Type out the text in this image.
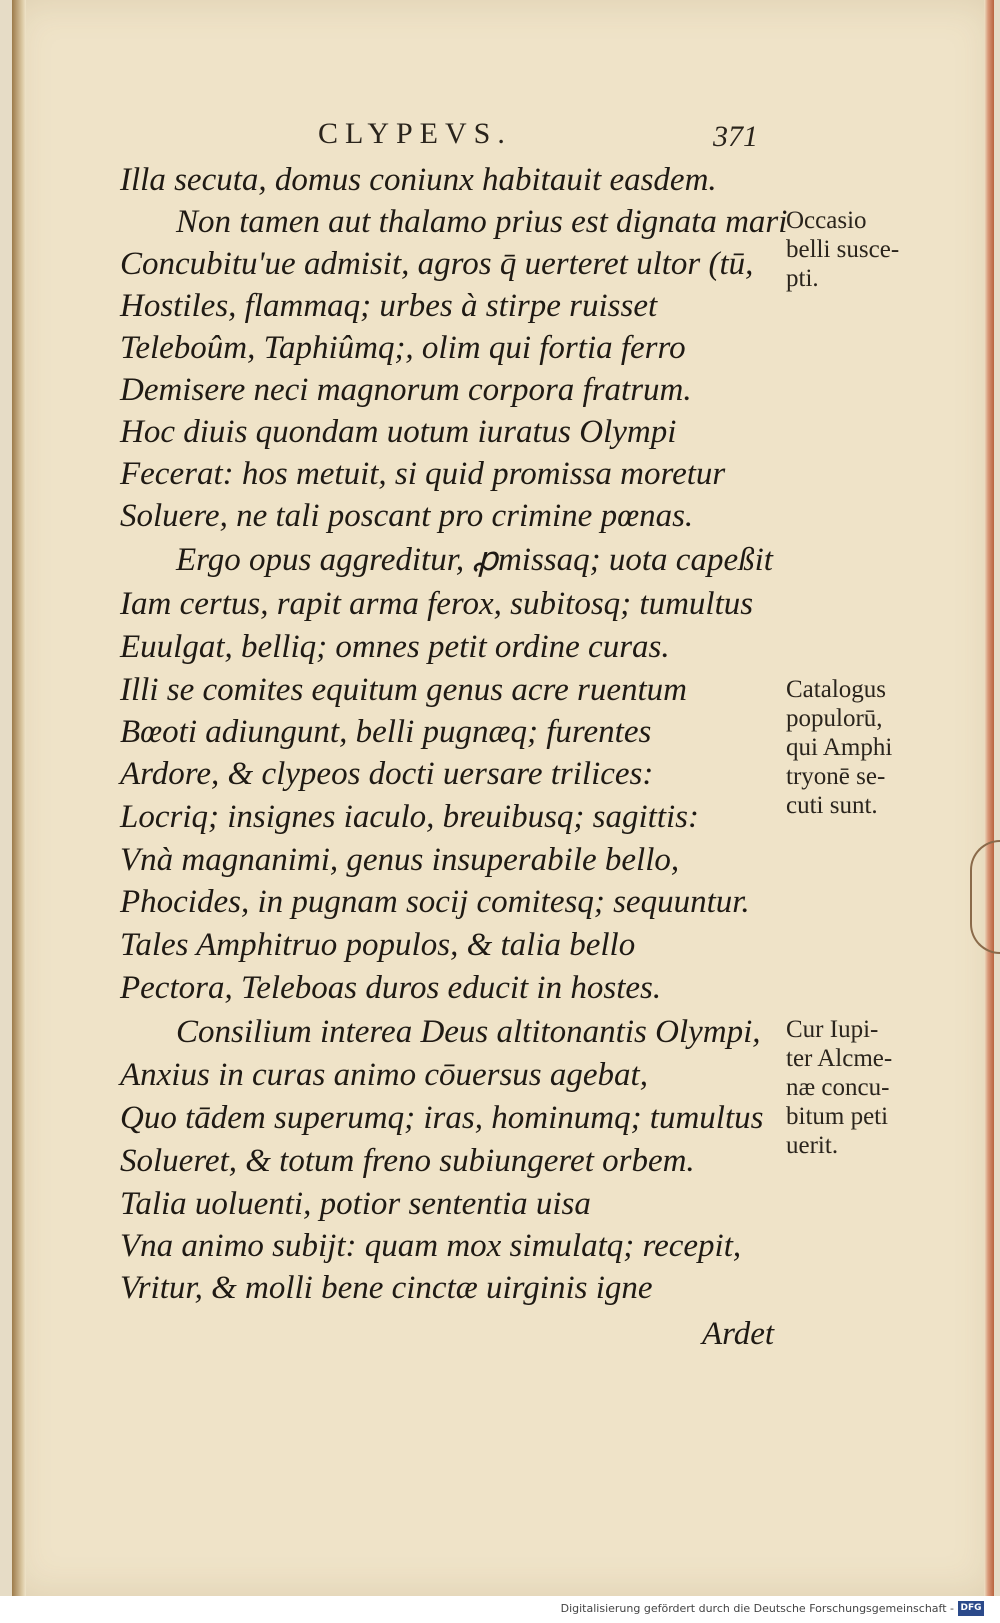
CLYPEVS.	371
Illa secuta, domus coniunx habitauit easdem.
Non tamen aut thalamo prius est dignata mari
Concubitu'ue admisit, agros q̄ uerteret ultor (tū,
Hostiles, flammaq; urbes à stirpe ruisset
Teleboûm, Taphiûmq;, olim qui fortia ferro
Demisere neci magnorum corpora fratrum.
Hoc diuis quondam uotum iuratus Olympi
Fecerat: hos metuit, si quid promissa moretur
Soluere, ne tali poscant pro crimine pœnas.
Ergo opus aggreditur, ꝓmissaq; uota capeßit
Iam certus, rapit arma ferox, subitosq; tumultus
Euulgat, belliq; omnes petit ordine curas.
Illi se comites equitum genus acre ruentum
Bœoti adiungunt, belli pugnæq; furentes
Ardore, & clypeos docti uersare trilices:
Locriq; insignes iaculo, breuibusq; sagittis:
Vnà magnanimi, genus insuperabile bello,
Phocides, in pugnam socij comitesq; sequuntur.
Tales Amphitruo populos, & talia bello
Pectora, Teleboas duros educit in hostes.
Consilium interea Deus altitonantis Olympi,
Anxius in curas animo cōuersus agebat,
Quo tādem superumq; iras, hominumq; tumultus
Solueret, & totum freno subiungeret orbem.
Talia uoluenti, potior sententia uisa
Vna animo subijt: quam mox simulatq; recepit,
Vritur, & molli bene cinctæ uirginis igne
Ardet
Occasio
belli susce-
pti.
Catalogus
populorū,
qui Amphi
tryonē se-
cuti sunt.
Cur Iupi-
ter Alcme-
næ concu-
bitum peti
uerit.
Digitalisierung gefördert durch die Deutsche Forschungsgemeinschaft - DFG
